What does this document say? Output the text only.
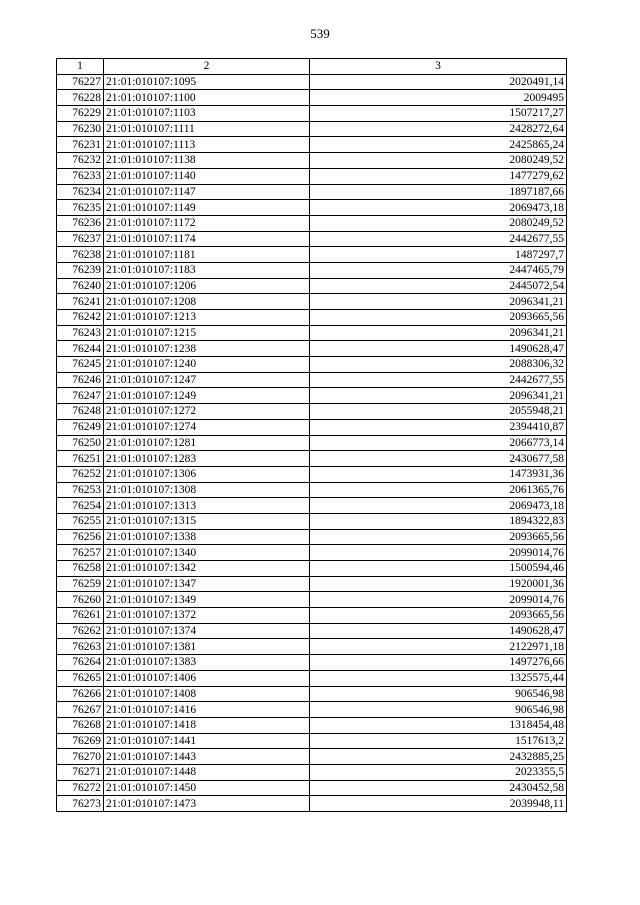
539
1	2	3
76227	21:01:010107:1095	2020491,14
76228	21:01:010107:1100	2009495
76229	21:01:010107:1103	1507217,27
76230	21:01:010107:1111	2428272,64
76231	21:01:010107:1113	2425865,24
76232	21:01:010107:1138	2080249,52
76233	21:01:010107:1140	1477279,62
76234	21:01:010107:1147	1897187,66
76235	21:01:010107:1149	2069473,18
76236	21:01:010107:1172	2080249,52
76237	21:01:010107:1174	2442677,55
76238	21:01:010107:1181	1487297,7
76239	21:01:010107:1183	2447465,79
76240	21:01:010107:1206	2445072,54
76241	21:01:010107:1208	2096341,21
76242	21:01:010107:1213	2093665,56
76243	21:01:010107:1215	2096341,21
76244	21:01:010107:1238	1490628,47
76245	21:01:010107:1240	2088306,32
76246	21:01:010107:1247	2442677,55
76247	21:01:010107:1249	2096341,21
76248	21:01:010107:1272	2055948,21
76249	21:01:010107:1274	2394410,87
76250	21:01:010107:1281	2066773,14
76251	21:01:010107:1283	2430677,58
76252	21:01:010107:1306	1473931,36
76253	21:01:010107:1308	2061365,76
76254	21:01:010107:1313	2069473,18
76255	21:01:010107:1315	1894322,83
76256	21:01:010107:1338	2093665,56
76257	21:01:010107:1340	2099014,76
76258	21:01:010107:1342	1500594,46
76259	21:01:010107:1347	1920001,36
76260	21:01:010107:1349	2099014,76
76261	21:01:010107:1372	2093665,56
76262	21:01:010107:1374	1490628,47
76263	21:01:010107:1381	2122971,18
76264	21:01:010107:1383	1497276,66
76265	21:01:010107:1406	1325575,44
76266	21:01:010107:1408	906546,98
76267	21:01:010107:1416	906546,98
76268	21:01:010107:1418	1318454,48
76269	21:01:010107:1441	1517613,2
76270	21:01:010107:1443	2432885,25
76271	21:01:010107:1448	2023355,5
76272	21:01:010107:1450	2430452,58
76273	21:01:010107:1473	2039948,11
